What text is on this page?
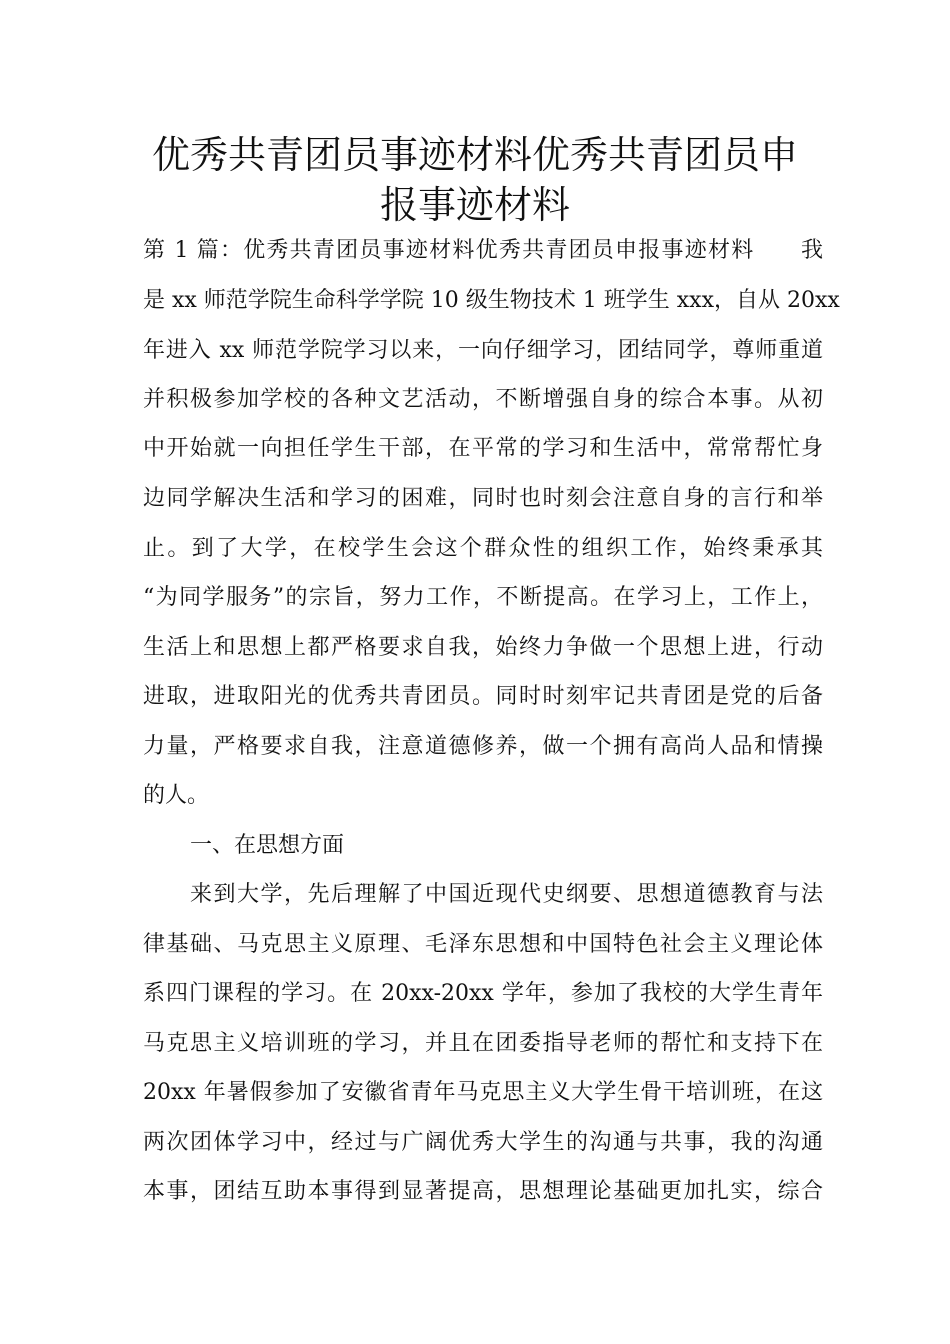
优秀共青团员事迹材料优秀共青团员申
报事迹材料
第 1 篇：优秀共青团员事迹材料优秀共青团员申报事迹材料　　我
是 xx 师范学院生命科学学院 10 级生物技术 1 班学生 xxx，自从 20xx
年进入 xx 师范学院学习以来，一向仔细学习，团结同学，尊师重道
并积极参加学校的各种文艺活动，不断增强自身的综合本事。从初
中开始就一向担任学生干部，在平常的学习和生活中，常常帮忙身
边同学解决生活和学习的困难，同时也时刻会注意自身的言行和举
止。到了大学，在校学生会这个群众性的组织工作，始终秉承其
“为同学服务”的宗旨，努力工作，不断提高。在学习上，工作上，
生活上和思想上都严格要求自我，始终力争做一个思想上进，行动
进取，进取阳光的优秀共青团员。同时时刻牢记共青团是党的后备
力量，严格要求自我，注意道德修养，做一个拥有高尚人品和情操
的人。
一、在思想方面
来到大学，先后理解了中国近现代史纲要、思想道德教育与法
律基础、马克思主义原理、毛泽东思想和中国特色社会主义理论体
系四门课程的学习。在 20xx-20xx 学年，参加了我校的大学生青年
马克思主义培训班的学习，并且在团委指导老师的帮忙和支持下在
20xx 年暑假参加了安徽省青年马克思主义大学生骨干培训班，在这
两次团体学习中，经过与广阔优秀大学生的沟通与共事，我的沟通
本事，团结互助本事得到显著提高，思想理论基础更加扎实，综合
